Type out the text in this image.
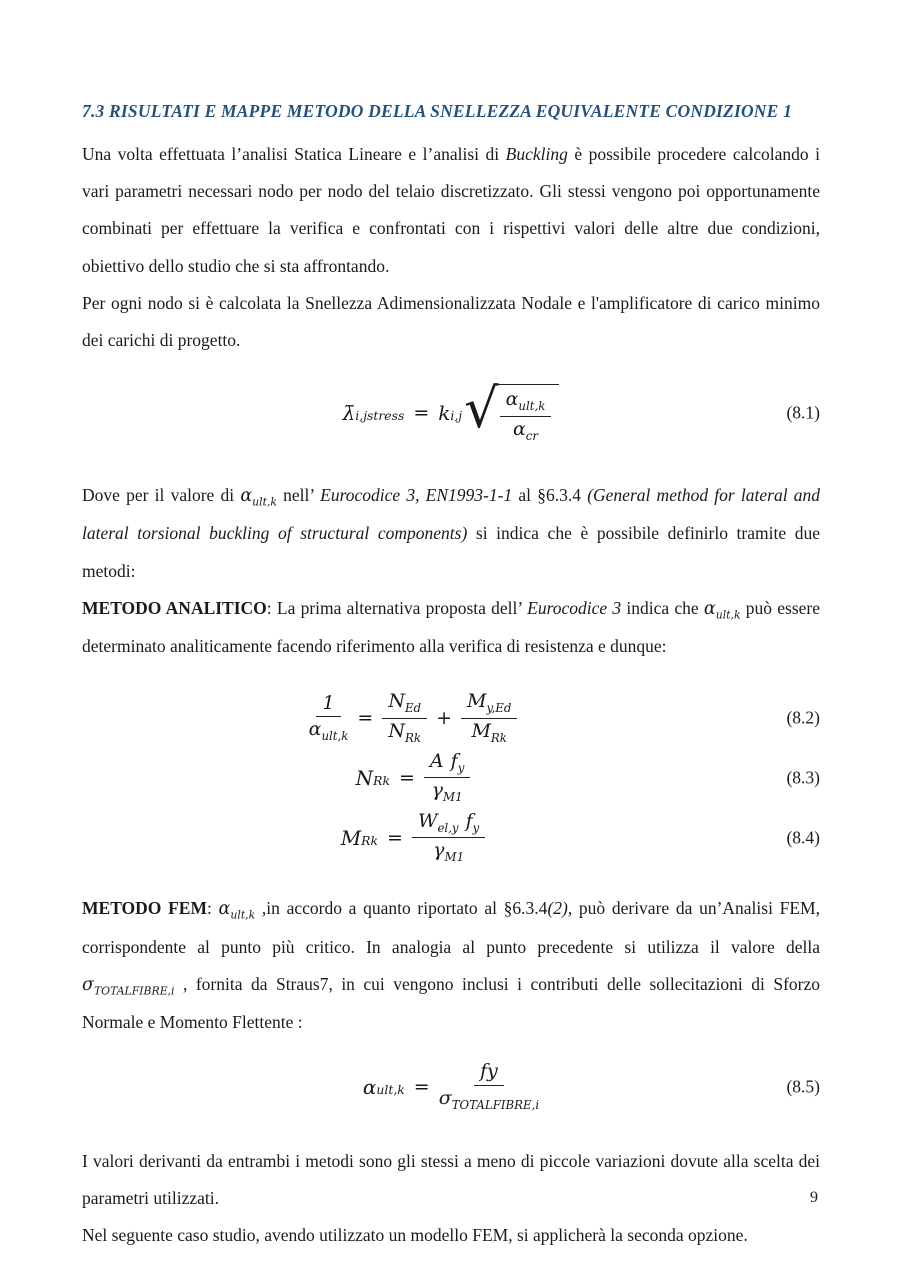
7.3 RISULTATI E MAPPE METODO DELLA SNELLEZZA EQUIVALENTE CONDIZIONE 1

Una volta effettuata l’analisi Statica Lineare e l’analisi di Buckling è possibile procedere calcolando i vari parametri necessari nodo per nodo del telaio discretizzato. Gli stessi vengono poi opportunamente combinati per effettuare la verifica e confrontati con i rispettivi valori delle altre due condizioni, obiettivo dello studio che si sta affrontando.

Per ogni nodo si è calcolata la Snellezza Adimensionalizzata Nodale e l'amplificatore di carico minimo dei carichi di progetto.

λ̄ i,jstress = k i,j √ $\frac{\alpha_{ult,k}}{\alpha_{cr}}$	(8.1)

Dove per il valore di $\alpha_{ult,k}$ nell’ Eurocodice 3, EN1993-1-1 al §6.3.4 (General method for lateral and lateral torsional buckling of structural components) si indica che è possibile definirlo tramite due metodi:

METODO ANALITICO: La prima alternativa proposta dell’ Eurocodice 3 indica che $\alpha_{ult,k}$ può essere determinato analiticamente facendo riferimento alla verifica di resistenza e dunque:

$\frac{1}{\alpha_{ult,k}} = \frac{N_{Ed}}{N_{Rk}} + \frac{M_{y,Ed}}{M_{Rk}}$	(8.2)
N $Rk = \frac{A f_y}{\gamma_{M1}}$	(8.3)
M $Rk = \frac{W_{el,y} f_y}{\gamma_{M1}}$	(8.4)

METODO FEM: $\alpha_{ult,k}$ ,in accordo a quanto riportato al §6.3.4(2), può derivare da un’Analisi FEM, corrispondente al punto più critico. In analogia al punto precedente si utilizza il valore della $\sigma_{TOTALFIBRE,i}$ , fornita da Straus7, in cui vengono inclusi i contributi delle sollecitazioni di Sforzo Normale e Momento Flettente :

α $ult,k = \frac{fy}{\sigma_{TOTALFIBRE,i}}$	(8.5)

I valori derivanti da entrambi i metodi sono gli stessi a meno di piccole variazioni dovute alla scelta dei parametri utilizzati.

Nel seguente caso studio, avendo utilizzato un modello FEM, si applicherà la seconda opzione.

9
